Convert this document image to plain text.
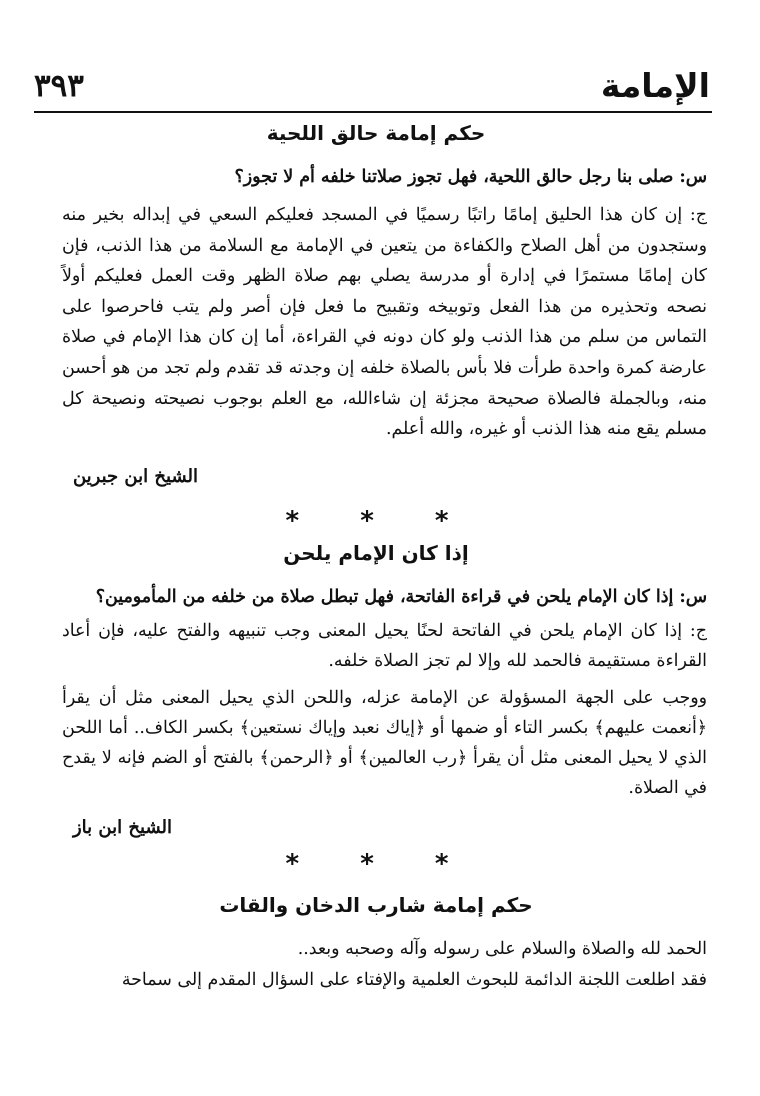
الإمامة
٣٩٣
حكم إمامة حالق اللحية

س: صلى بنا رجل حالق اللحية، فهل تجوز صلاتنا خلفه أم لا تجوز؟

ج: إن كان هذا الحليق إمامًا راتبًا رسميًا في المسجد فعليكم السعي في إبداله بخير منه وستجدون من أهل الصلاح والكفاءة من يتعين في الإمامة مع السلامة من هذا الذنب، فإن كان إمامًا مستمرًا في إدارة أو مدرسة يصلي بهم صلاة الظهر وقت العمل فعليكم أولاً نصحه وتحذيره من هذا الفعل وتوبيخه وتقبيح ما فعل فإن أصر ولم يتب فاحرصوا على التماس من سلم من هذا الذنب ولو كان دونه في القراءة، أما إن كان هذا الإمام في صلاة عارضة كمرة واحدة طرأت فلا بأس بالصلاة خلفه إن وجدته قد تقدم ولم تجد من هو أحسن منه، وبالجملة فالصلاة صحيحة مجزئة إن شاءالله، مع العلم بوجوب نصيحته ونصيحة كل مسلم يقع منه هذا الذنب أو غيره، والله أعلم.

الشيخ ابن جبرين
* * *
إذا كان الإمام يلحن

س: إذا كان الإمام يلحن في قراءة الفاتحة، فهل تبطل صلاة من خلفه من المأمومين؟

ج: إذا كان الإمام يلحن في الفاتحة لحنًا يحيل المعنى وجب تنبيهه والفتح عليه، فإن أعاد القراءة مستقيمة فالحمد لله وإلا لم تجز الصلاة خلفه.

ووجب على الجهة المسؤولة عن الإمامة عزله، واللحن الذي يحيل المعنى مثل أن يقرأ ﴿أنعمت عليهم﴾ بكسر التاء أو ضمها أو ﴿إياك نعبد وإياك نستعين﴾ بكسر الكاف.. أما اللحن الذي لا يحيل المعنى مثل أن يقرأ ﴿رب العالمين﴾ أو ﴿الرحمن﴾ بالفتح أو الضم فإنه لا يقدح في الصلاة.

الشيخ ابن باز
* * *
حكم إمامة شارب الدخان والقات

الحمد لله والصلاة والسلام على رسوله وآله وصحبه وبعد..

فقد اطلعت اللجنة الدائمة للبحوث العلمية والإفتاء على السؤال المقدم إلى سماحة
